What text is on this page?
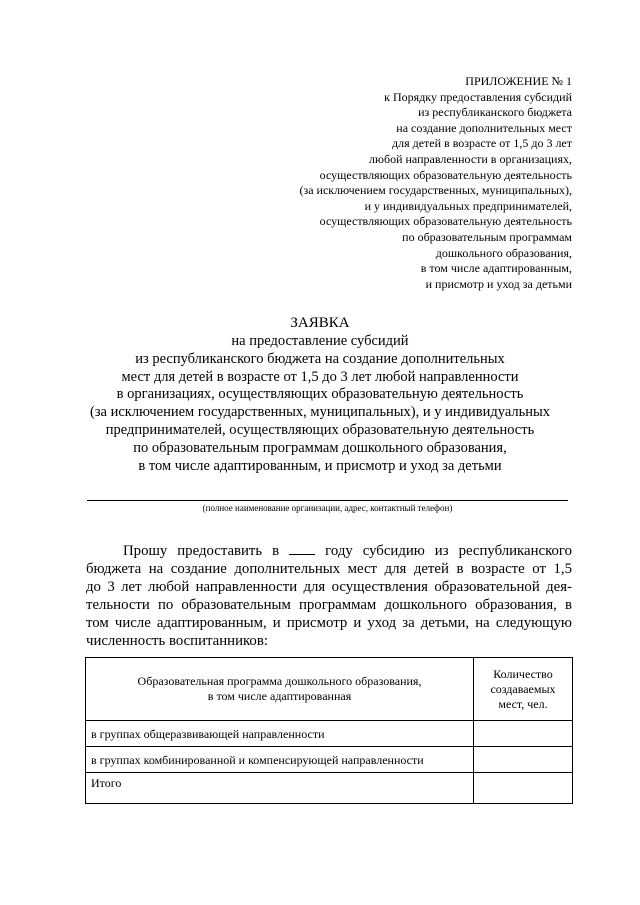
ПРИЛОЖЕНИЕ № 1
к Порядку предоставления субсидий
из республиканского бюджета
на создание дополнительных мест
для детей в возрасте от 1,5 до 3 лет
любой направленности в организациях,
осуществляющих образовательную деятельность
(за исключением государственных, муниципальных),
и у индивидуальных предпринимателей,
осуществляющих образовательную деятельность
по образовательным программам
дошкольного образования,
в том числе адаптированным,
и присмотр и уход за детьми
ЗАЯВКА
на предоставление субсидий
из республиканского бюджета на создание дополнительных
мест для детей в возрасте от 1,5 до 3 лет любой направленности
в организациях, осуществляющих образовательную деятельность
(за исключением государственных, муниципальных), и у индивидуальных
предпринимателей, осуществляющих образовательную деятельность
по образовательным программам дошкольного образования,
в том числе адаптированным, и присмотр и уход за детьми
(полное наименование организации, адрес, контактный телефон)
Прошу предоставить в	году субсидию из республиканского
бюджета на создание дополнительных мест для детей в возрасте от 1,5
до 3 лет любой направленности для осуществления образовательной дея-
тельности по образовательным программам дошкольного образования, в
том числе адаптированным, и присмотр и уход за детьми, на следующую
численность воспитанников:
Образовательная программа дошкольного образования,
в том числе адаптированная	Количество
создаваемых
мест, чел.
в группах общеразвивающей направленности	
в группах комбинированной и компенсирующей направленности	
Итого	
